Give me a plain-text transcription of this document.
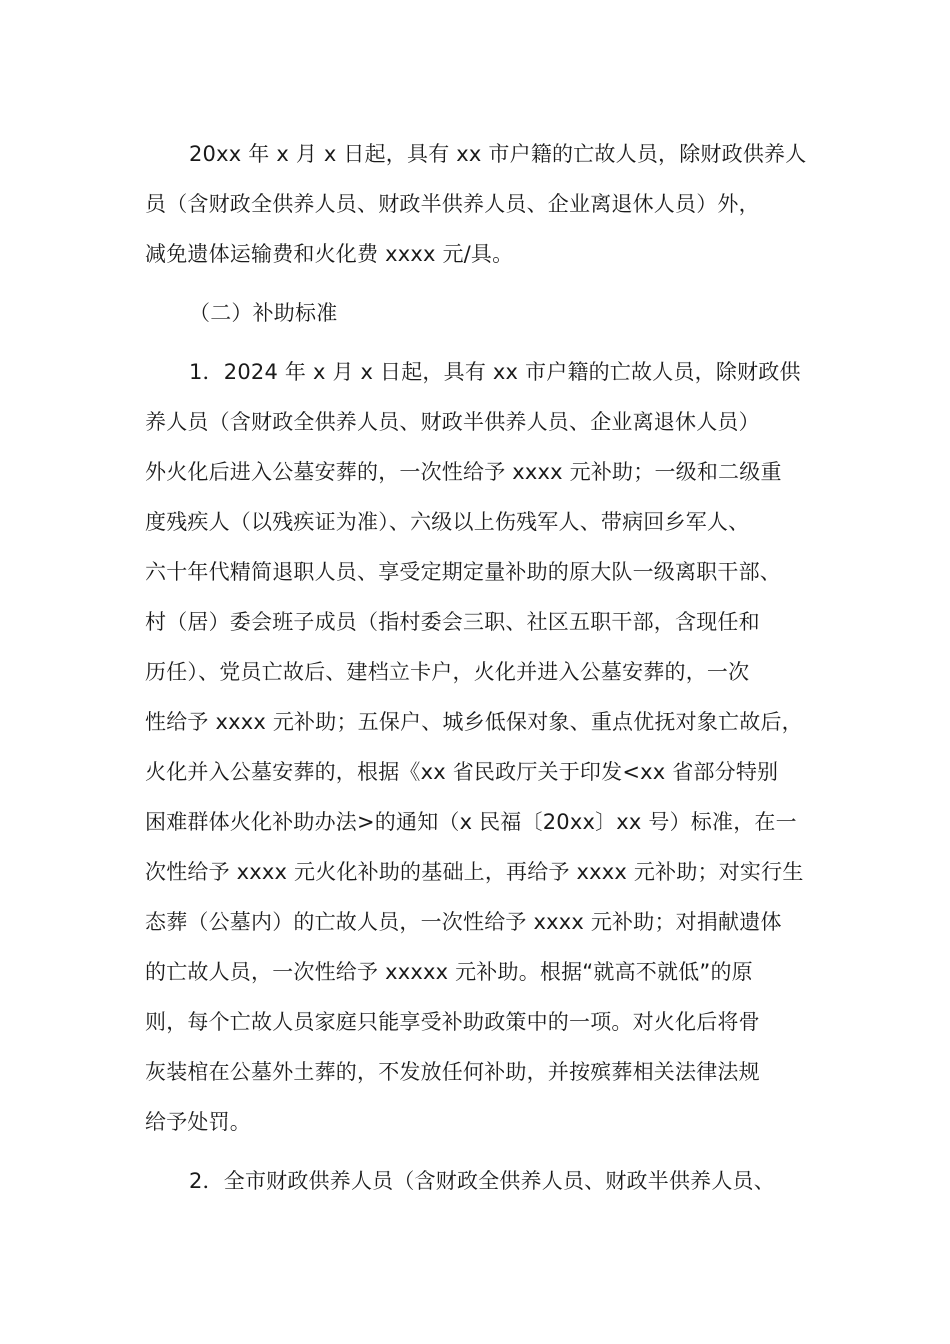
20xx 年 x 月 x 日起，具有 xx 市户籍的亡故人员，除财政供养人
员（含财政全供养人员、财政半供养人员、企业离退休人员）外，
减免遗体运输费和火化费 xxxx 元/具。
（二）补助标准
1．2024 年 x 月 x 日起，具有 xx 市户籍的亡故人员，除财政供
养人员（含财政全供养人员、财政半供养人员、企业离退休人员）
外火化后进入公墓安葬的，一次性给予 xxxx 元补助；一级和二级重
度残疾人（以残疾证为准）、六级以上伤残军人、带病回乡军人、
六十年代精简退职人员、享受定期定量补助的原大队一级离职干部、
村（居）委会班子成员（指村委会三职、社区五职干部，含现任和
历任）、党员亡故后、建档立卡户，火化并进入公墓安葬的，一次
性给予 xxxx 元补助；五保户、城乡低保对象、重点优抚对象亡故后，
火化并入公墓安葬的，根据《xx 省民政厅关于印发<xx 省部分特别
困难群体火化补助办法>的通知（x 民福〔20xx〕xx 号）标准，在一
次性给予 xxxx 元火化补助的基础上，再给予 xxxx 元补助；对实行生
态葬（公墓内）的亡故人员，一次性给予 xxxx 元补助；对捐献遗体
的亡故人员，一次性给予 xxxxx 元补助。根据“就高不就低”的原
则，每个亡故人员家庭只能享受补助政策中的一项。对火化后将骨
灰装棺在公墓外土葬的，不发放任何补助，并按殡葬相关法律法规
给予处罚。
2．全市财政供养人员（含财政全供养人员、财政半供养人员、
